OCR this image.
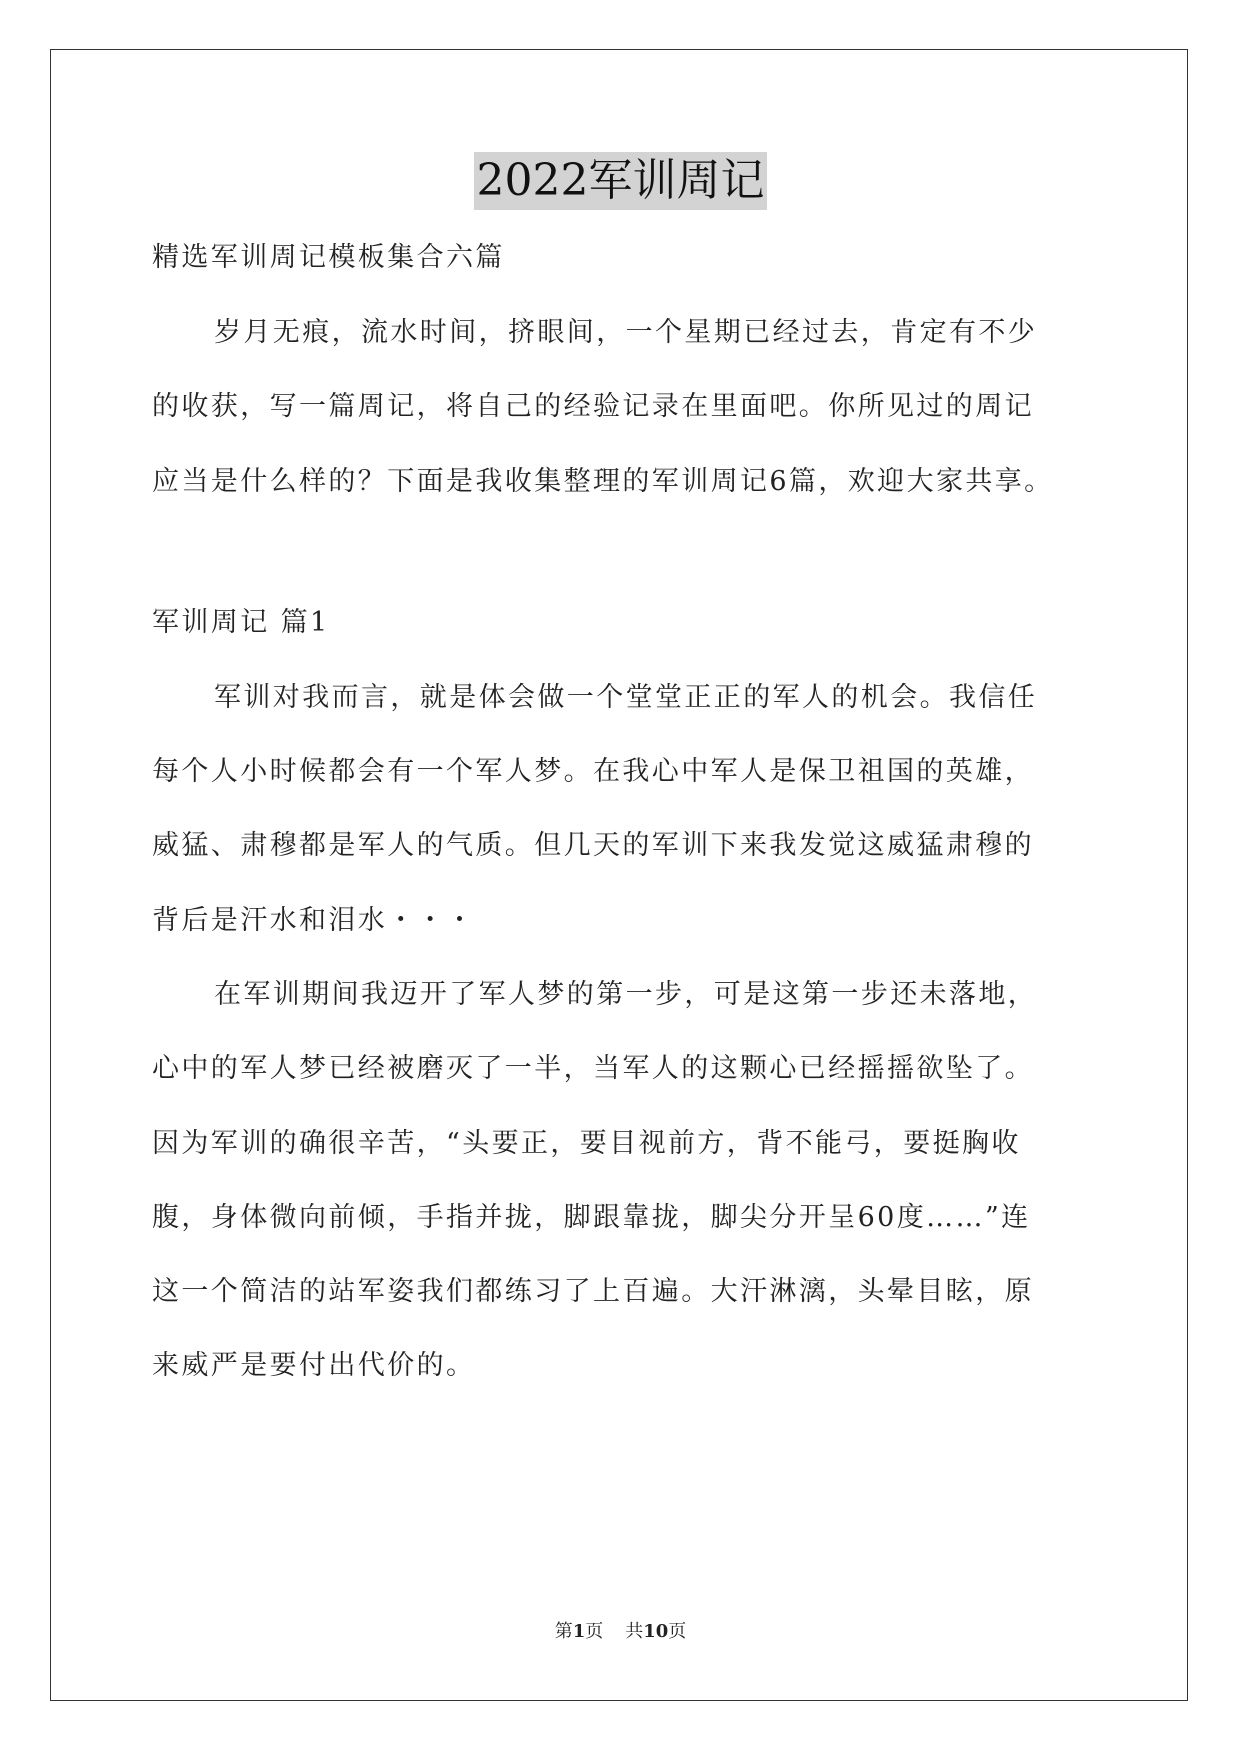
2022军训周记
精选军训周记模板集合六篇
岁月无痕，流水时间，挤眼间，一个星期已经过去，肯定有不少
的收获，写一篇周记，将自己的经验记录在里面吧。你所见过的周记
应当是什么样的？下面是我收集整理的军训周记6篇，欢迎大家共享。
军训周记 篇1
军训对我而言，就是体会做一个堂堂正正的军人的机会。我信任
每个人小时候都会有一个军人梦。在我心中军人是保卫祖国的英雄，
威猛、肃穆都是军人的气质。但几天的军训下来我发觉这威猛肃穆的
背后是汗水和泪水・・・
在军训期间我迈开了军人梦的第一步，可是这第一步还未落地，
心中的军人梦已经被磨灭了一半，当军人的这颗心已经摇摇欲坠了。
因为军训的确很辛苦，“头要正，要目视前方，背不能弓，要挺胸收
腹，身体微向前倾，手指并拢，脚跟靠拢，脚尖分开呈60度……”连
这一个简洁的站军姿我们都练习了上百遍。大汗淋漓，头晕目眩，原
来威严是要付出代价的。
第1页 共10页
